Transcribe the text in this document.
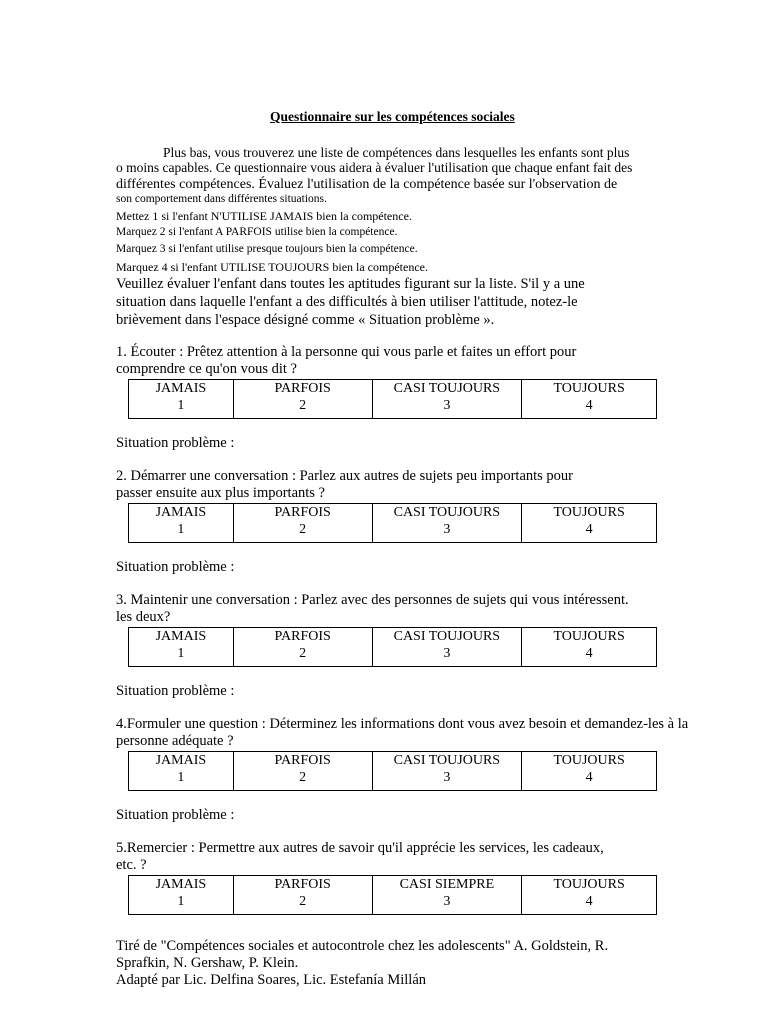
Questionnaire sur les compétences sociales
Plus bas, vous trouverez une liste de compétences dans lesquelles les enfants sont plus
o moins capables. Ce questionnaire vous aidera à évaluer l'utilisation que chaque enfant fait des
différentes compétences. Évaluez l'utilisation de la compétence basée sur l'observation de
son comportement dans différentes situations.
Mettez 1 si l'enfant N'UTILISE JAMAIS bien la compétence.
Marquez 2 si l'enfant A PARFOIS utilise bien la compétence.
Marquez 3 si l'enfant utilise presque toujours bien la compétence.
Marquez 4 si l'enfant UTILISE TOUJOURS bien la compétence.
Veuillez évaluer l'enfant dans toutes les aptitudes figurant sur la liste. S'il y a une
situation dans laquelle l'enfant a des difficultés à bien utiliser l'attitude, notez-le
brièvement dans l'espace désigné comme « Situation problème ».
1. Écouter : Prêtez attention à la personne qui vous parle et faites un effort pour
comprendre ce qu'on vous dit ?
JAMAIS
1

PARFOIS
2

CASI TOUJOURS
3

TOUJOURS
4
Situation problème :
2. Démarrer une conversation : Parlez aux autres de sujets peu importants pour
passer ensuite aux plus importants ?
JAMAIS
1

PARFOIS
2

CASI TOUJOURS
3

TOUJOURS
4
Situation problème :
3. Maintenir une conversation : Parlez avec des personnes de sujets qui vous intéressent.
les deux?
JAMAIS
1

PARFOIS
2

CASI TOUJOURS
3

TOUJOURS
4
Situation problème :
4.Formuler une question : Déterminez les informations dont vous avez besoin et demandez-les à la
personne adéquate ?
JAMAIS
1

PARFOIS
2

CASI TOUJOURS
3

TOUJOURS
4
Situation problème :
5.Remercier : Permettre aux autres de savoir qu'il apprécie les services, les cadeaux,
etc. ?
JAMAIS
1

PARFOIS
2

CASI SIEMPRE
3

TOUJOURS
4
Tiré de "Compétences sociales et autocontrole chez les adolescents" A. Goldstein, R.
Sprafkin, N. Gershaw, P. Klein.
Adapté par Lic. Delfina Soares, Lic. Estefanía Millán
